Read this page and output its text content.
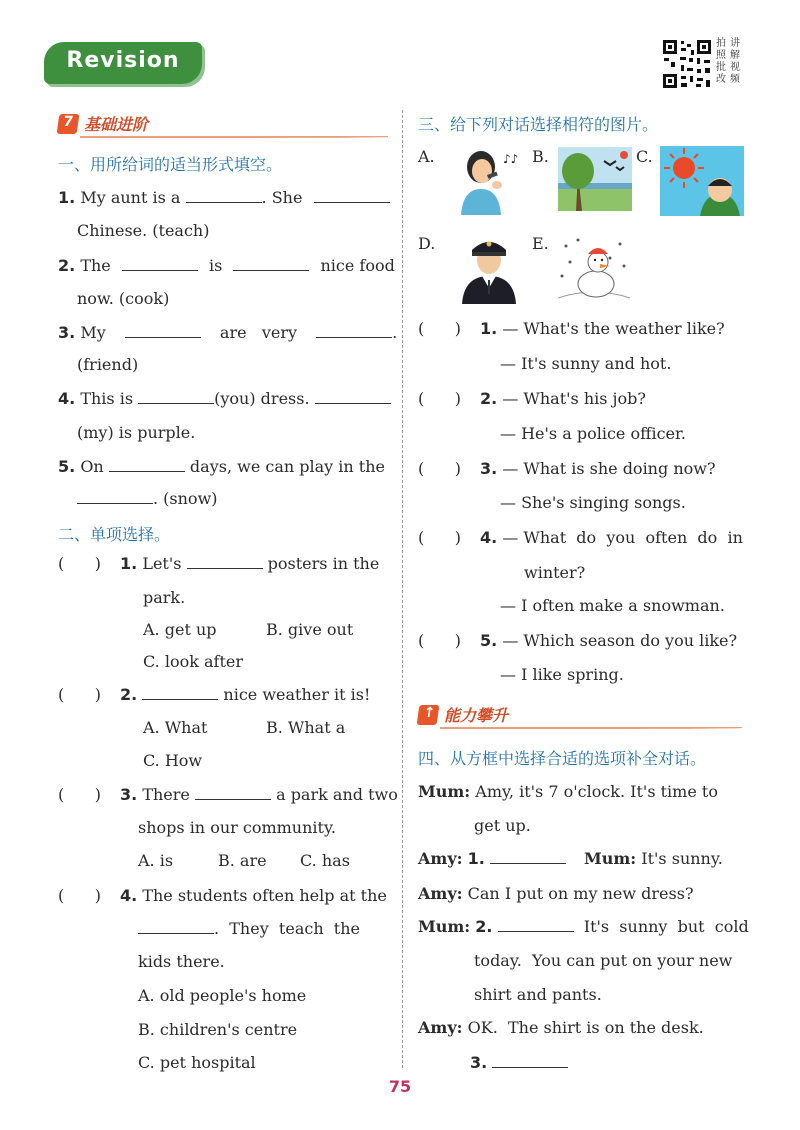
Revision
拍
照
批
改
讲
解
视
频
7 基础进阶
一、用所给词的适当形式填空。
1. My aunt is a	. She
Chinese. (teach)
2. The	is	nice food
now. (cook)
3. My	are   very	.
(friend)
4. This is	(you) dress.
(my) is purple.
5. On	days, we can play in the
. (snow)
二、单项选择。
(      ) 1. Let's	posters in the
park.
A. get up	B. give out
C. look after
(      ) 2.	nice weather it is!
A. What	B. What a
C. How
(      ) 3. There	a park and two
shops in our community.
A. is	B. are C. has
(      ) 4. The students often help at the
.  They  teach  the
kids there.
A. old people's home
B. children's centre
C. pet hospital
三、给下列对话选择相符的图片。
A.	B.	C.
D.	E.
♪♪
(      ) 1. — What's the weather like?
— It's sunny and hot.
(      ) 2. — What's his job?
— He's a police officer.
(      ) 3. — What is she doing now?
— She's singing songs.
(      ) 4. — What  do  you  often  do  in
winter?
— I often make a snowman.
(      ) 5. — Which season do you like?
— I like spring.
↑ 能力攀升
四、从方框中选择合适的选项补全对话。
Mum: Amy, it's 7 o'clock. It's time to
get up.
Amy: 1.	Mum: It's sunny.
Amy: Can I put on my new dress?
Mum: 2.	It's  sunny  but  cold
today.  You can put on your new
shirt and pants.
Amy: OK.  The shirt is on the desk.
3.
75
